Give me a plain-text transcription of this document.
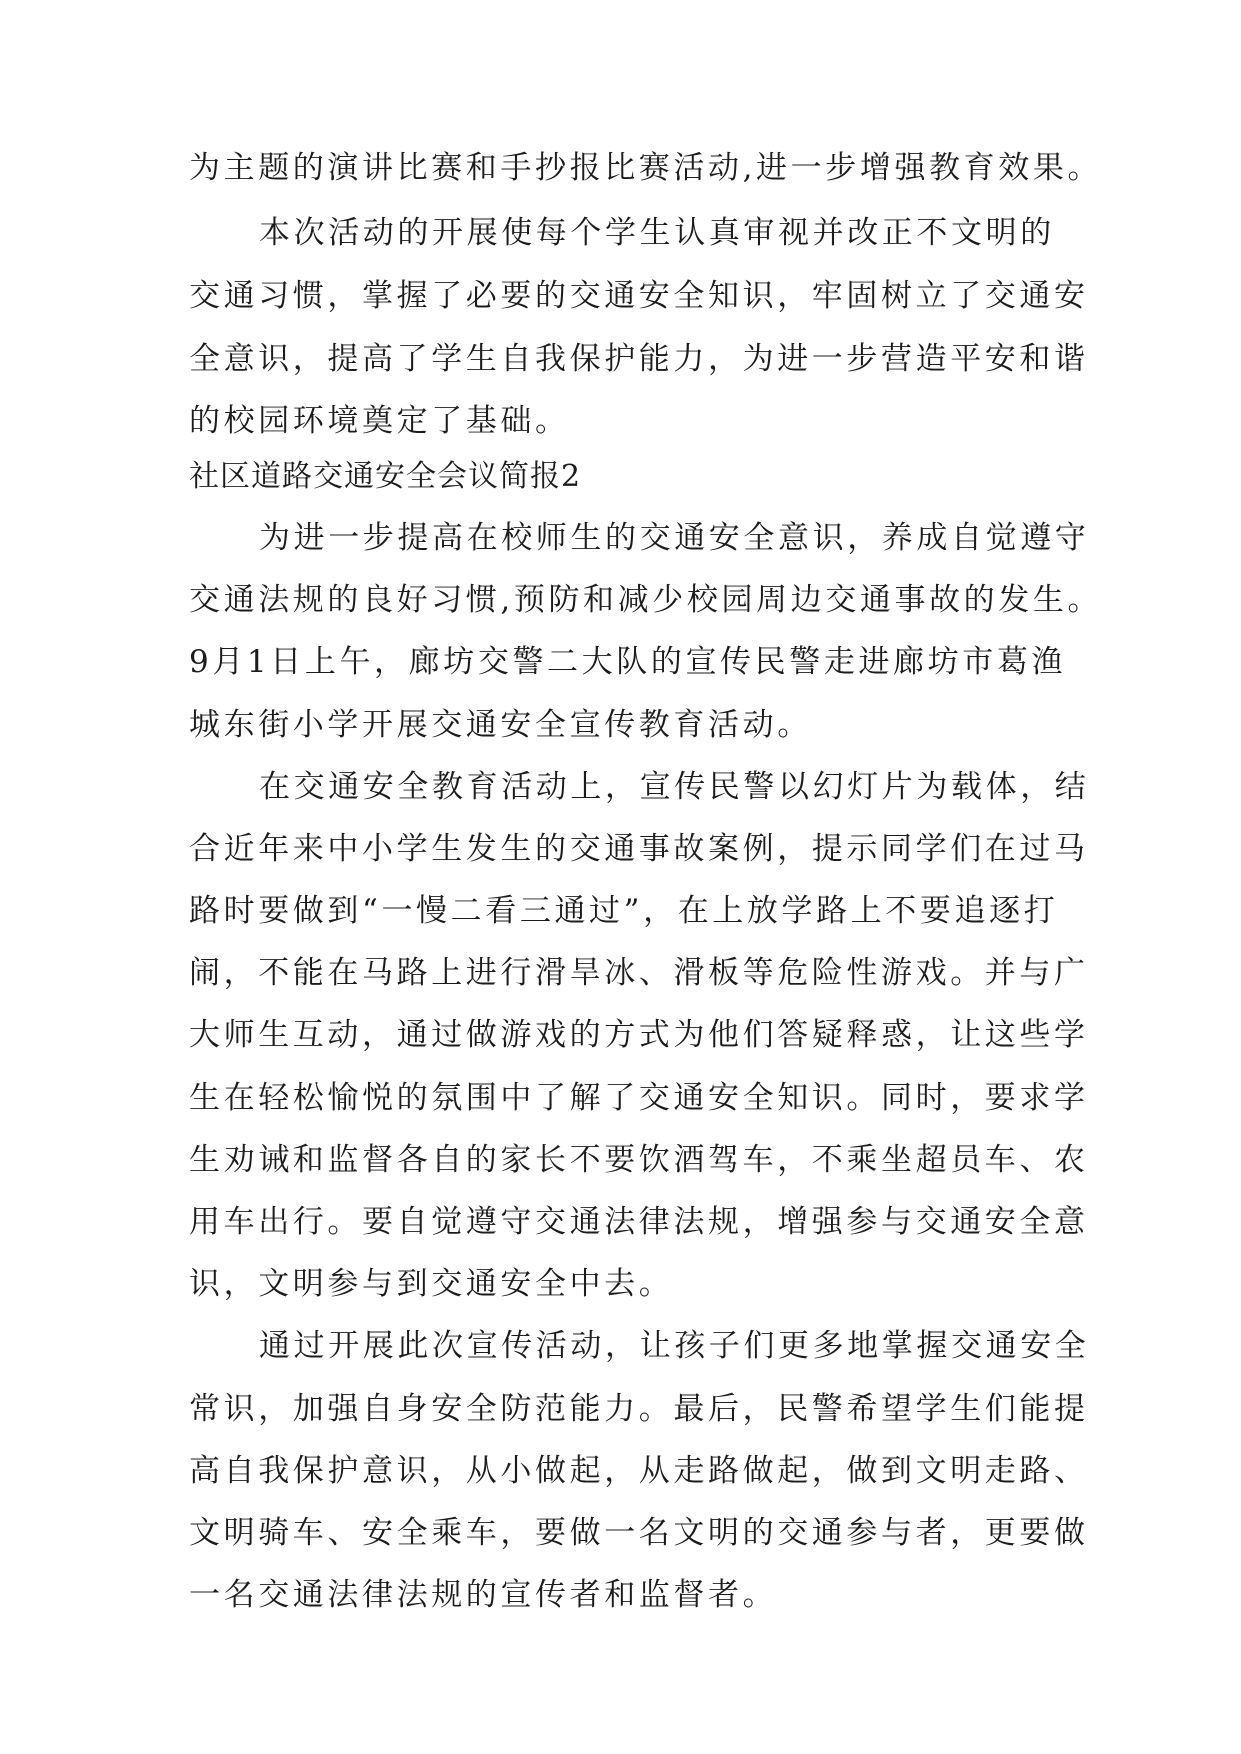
为主题的演讲比赛和手抄报比赛活动,进一步增强教育效果。
本次活动的开展使每个学生认真审视并改正不文明的
交通习惯，掌握了必要的交通安全知识，牢固树立了交通安
全意识，提高了学生自我保护能力，为进一步营造平安和谐
的校园环境奠定了基础。
社区道路交通安全会议简报2
为进一步提高在校师生的交通安全意识，养成自觉遵守
交通法规的良好习惯,预防和减少校园周边交通事故的发生。
9月1日上午，廊坊交警二大队的宣传民警走进廊坊市葛渔
城东街小学开展交通安全宣传教育活动。
在交通安全教育活动上，宣传民警以幻灯片为载体，结
合近年来中小学生发生的交通事故案例，提示同学们在过马
路时要做到“一慢二看三通过”，在上放学路上不要追逐打
闹，不能在马路上进行滑旱冰、滑板等危险性游戏。并与广
大师生互动，通过做游戏的方式为他们答疑释惑，让这些学
生在轻松愉悦的氛围中了解了交通安全知识。同时，要求学
生劝诫和监督各自的家长不要饮酒驾车，不乘坐超员车、农
用车出行。要自觉遵守交通法律法规，增强参与交通安全意
识，文明参与到交通安全中去。
通过开展此次宣传活动，让孩子们更多地掌握交通安全
常识，加强自身安全防范能力。最后，民警希望学生们能提
高自我保护意识，从小做起，从走路做起，做到文明走路、
文明骑车、安全乘车，要做一名文明的交通参与者，更要做
一名交通法律法规的宣传者和监督者。
